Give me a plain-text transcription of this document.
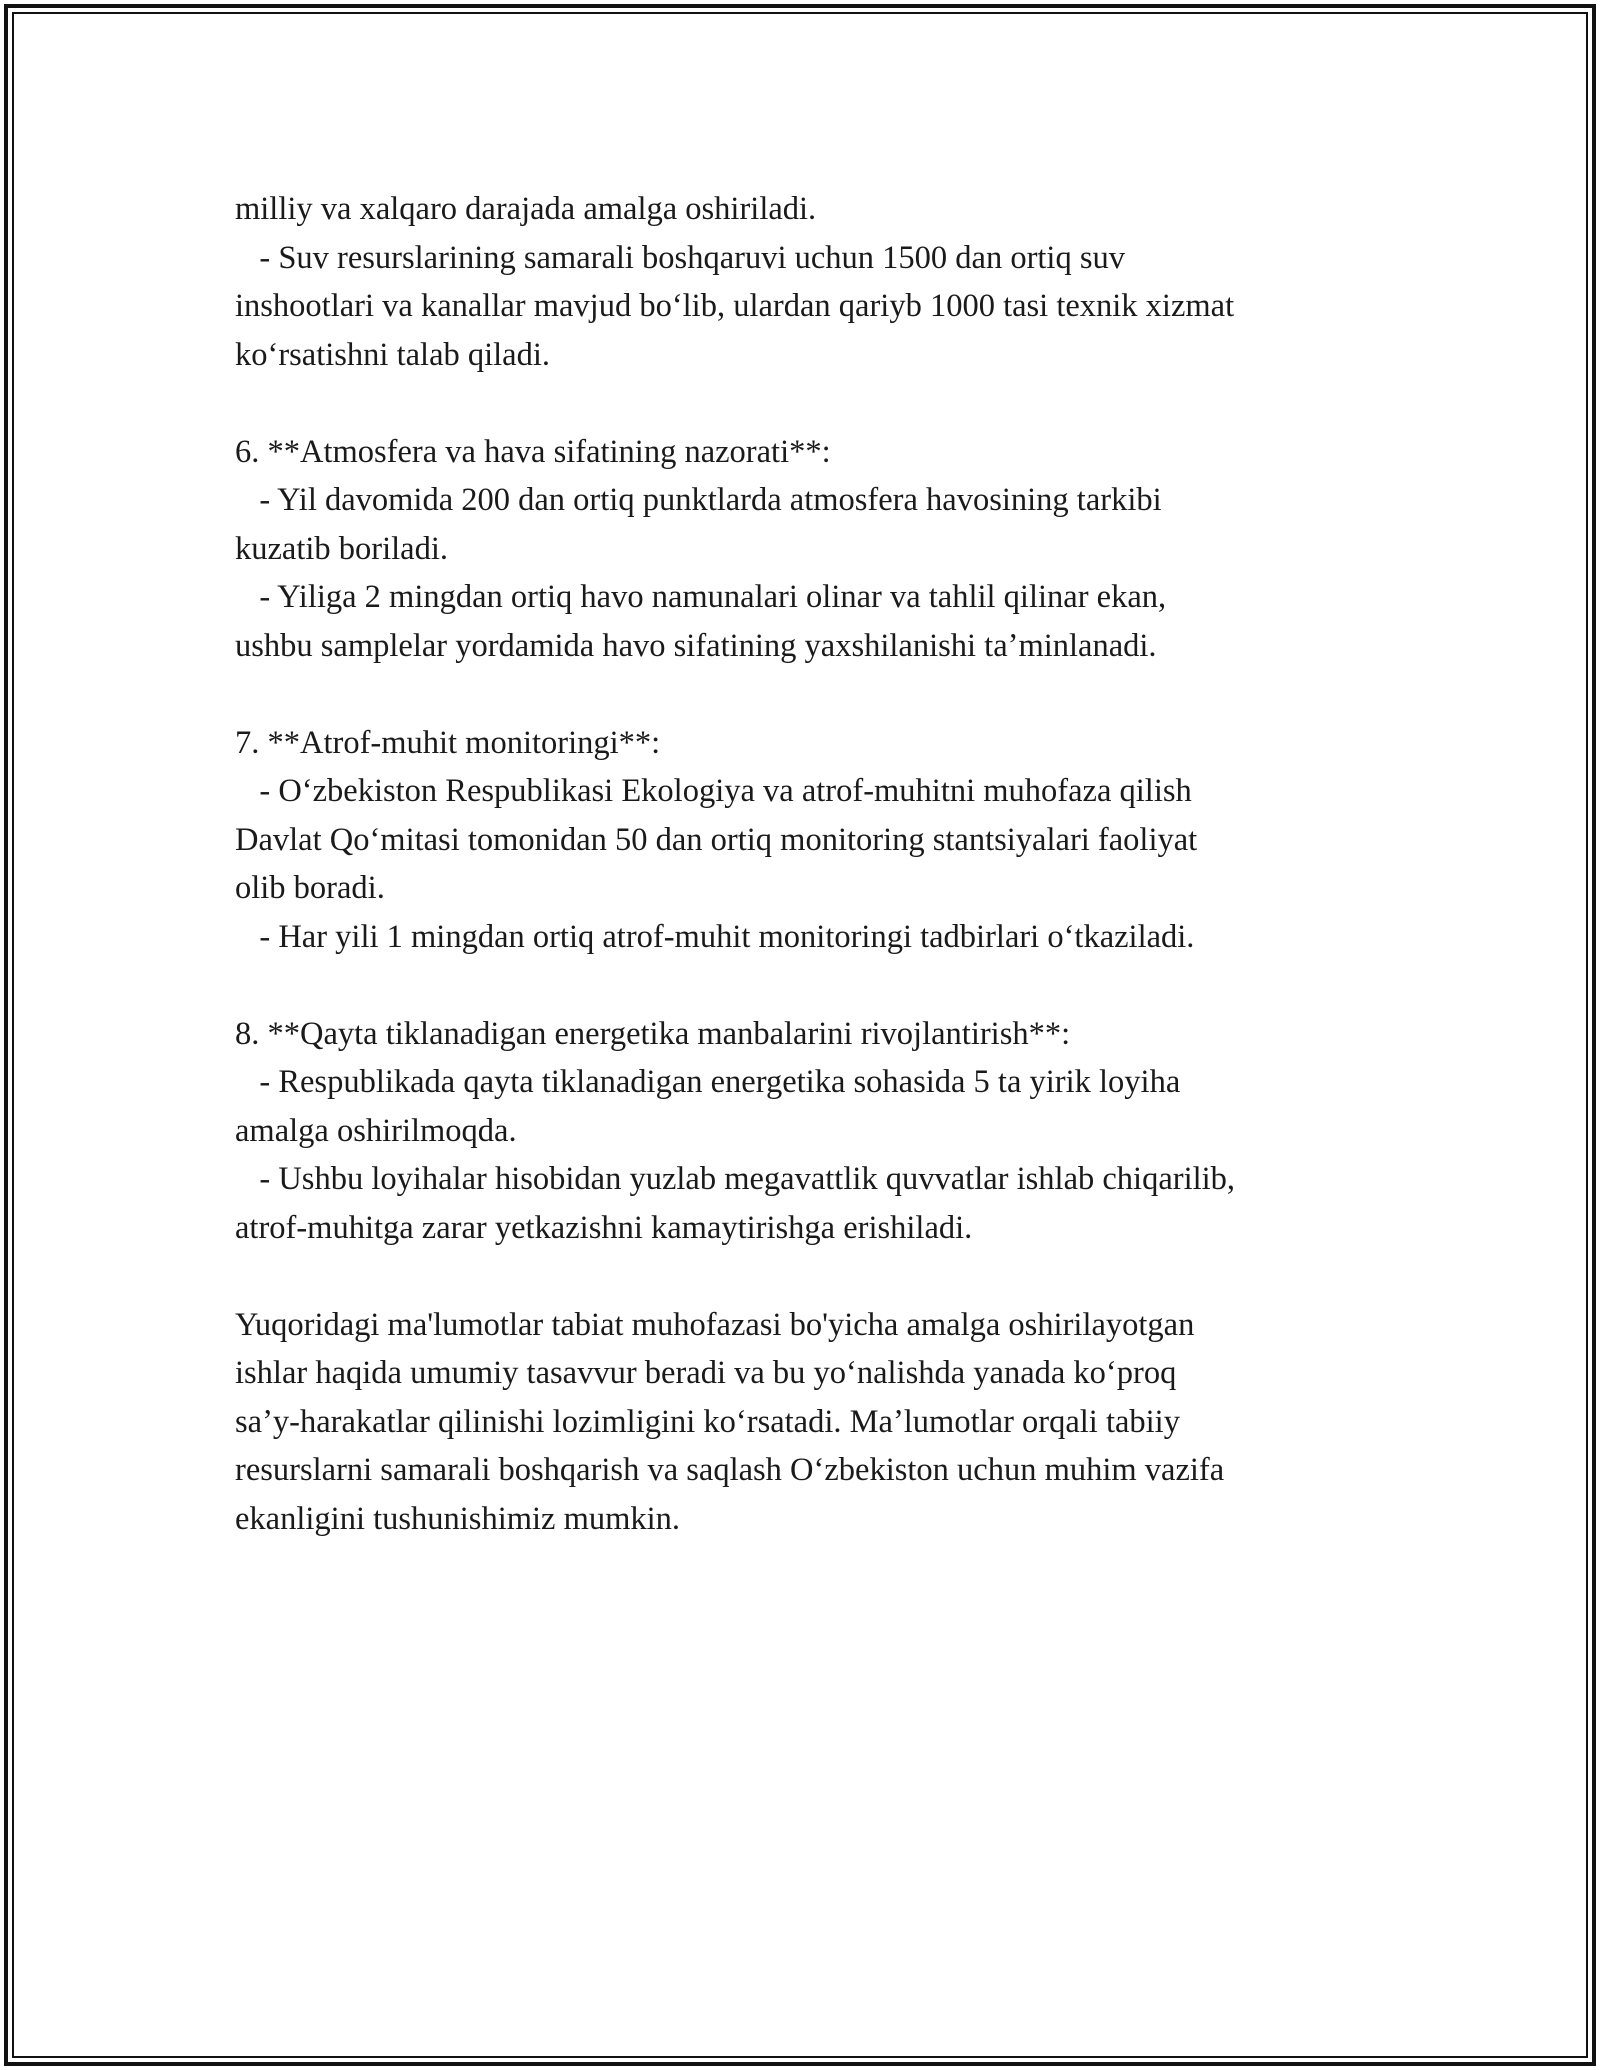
milliy va xalqaro darajada amalga oshiriladi.
- Suv resurslarining samarali boshqaruvi uchun 1500 dan ortiq suv
inshootlari va kanallar mavjud boʻlib, ulardan qariyb 1000 tasi texnik xizmat
koʻrsatishni talab qiladi.
6. **Atmosfera va hava sifatining nazorati**:
- Yil davomida 200 dan ortiq punktlarda atmosfera havosining tarkibi
kuzatib boriladi.
- Yiliga 2 mingdan ortiq havo namunalari olinar va tahlil qilinar ekan,
ushbu samplelar yordamida havo sifatining yaxshilanishi taʼminlanadi.
7. **Atrof-muhit monitoringi**:
- Oʻzbekiston Respublikasi Ekologiya va atrof-muhitni muhofaza qilish
Davlat Qoʻmitasi tomonidan 50 dan ortiq monitoring stantsiyalari faoliyat
olib boradi.
- Har yili 1 mingdan ortiq atrof-muhit monitoringi tadbirlari oʻtkaziladi.
8. **Qayta tiklanadigan energetika manbalarini rivojlantirish**:
- Respublikada qayta tiklanadigan energetika sohasida 5 ta yirik loyiha
amalga oshirilmoqda.
- Ushbu loyihalar hisobidan yuzlab megavattlik quvvatlar ishlab chiqarilib,
atrof-muhitga zarar yetkazishni kamaytirishga erishiladi.
Yuqoridagi ma'lumotlar tabiat muhofazasi bo'yicha amalga oshirilayotgan
ishlar haqida umumiy tasavvur beradi va bu yoʻnalishda yanada koʻproq
saʼy-harakatlar qilinishi lozimligini koʻrsatadi. Maʼlumotlar orqali tabiiy
resurslarni samarali boshqarish va saqlash Oʻzbekiston uchun muhim vazifa
ekanligini tushunishimiz mumkin.
